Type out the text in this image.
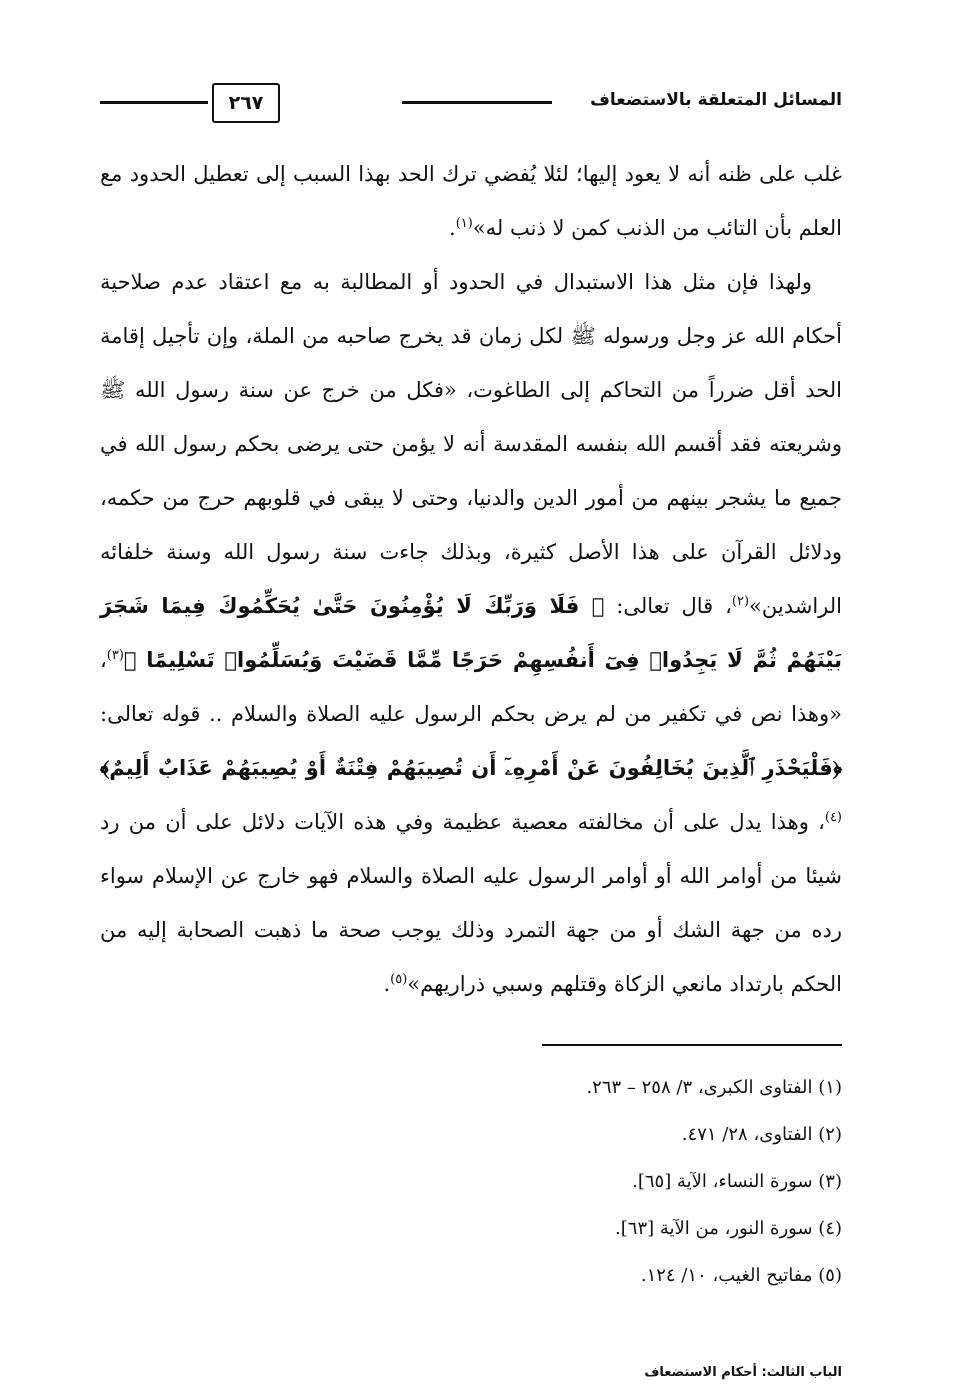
المسائل المتعلقة بالاستضعاف
٢٦٧

غلب على ظنه أنه لا يعود إليها؛ لئلا يُفضي ترك الحد بهذا السبب إلى تعطيل الحدود مع العلم بأن التائب من الذنب كمن لا ذنب له»$^{(١)}$.

ولهذا فإن مثل هذا الاستبدال في الحدود أو المطالبة به مع اعتقاد عدم صلاحية أحكام الله عز وجل ورسوله ﷺ لكل زمان قد يخرج صاحبه من الملة، وإن تأجيل إقامة الحد أقل ضرراً من التحاكم إلى الطاغوت، «فكل من خرج عن سنة رسول الله ﷺ وشريعته فقد أقسم الله بنفسه المقدسة أنه لا يؤمن حتى يرضى بحكم رسول الله في جميع ما يشجر بينهم من أمور الدين والدنيا، وحتى لا يبقى في قلوبهم حرج من حكمه، ودلائل القرآن على هذا الأصل كثيرة، وبذلك جاءت سنة رسول الله وسنة خلفائه الراشدين»$^{(٢)}$، قال تعالى: ﴿ فَلَا وَرَبِّكَ لَا يُؤْمِنُونَ حَتَّىٰ يُحَكِّمُوكَ فِيمَا شَجَرَ بَيْنَهُمْ ثُمَّ لَا يَجِدُوا۟ فِىٓ أَنفُسِهِمْ حَرَجًا مِّمَّا قَضَيْتَ وَيُسَلِّمُوا۟ تَسْلِيمًا ﴾$^{(٣)}$، «وهذا نص في تكفير من لم يرض بحكم الرسول عليه الصلاة والسلام .. قوله تعالى: ﴿فَلْيَحْذَرِ ٱلَّذِينَ يُخَالِفُونَ عَنْ أَمْرِهِۦٓ أَن تُصِيبَهُمْ فِتْنَةٌ أَوْ يُصِيبَهُمْ عَذَابٌ أَلِيمٌ﴾$^{(٤)}$، وهذا يدل على أن مخالفته معصية عظيمة وفي هذه الآيات دلائل على أن من رد شيئا من أوامر الله أو أوامر الرسول عليه الصلاة والسلام فهو خارج عن الإسلام سواء رده من جهة الشك أو من جهة التمرد وذلك يوجب صحة ما ذهبت الصحابة إليه من الحكم بارتداد مانعي الزكاة وقتلهم وسبي ذراريهم»$^{(٥)}$.

(١) الفتاوى الكبرى، ٣/ ٢٥٨ – ٢٦٣.
(٢) الفتاوى، ٢٨/ ٤٧١.
(٣) سورة النساء، الآية [٦٥].
(٤) سورة النور، من الآية [٦٣].
(٥) مفاتيح الغيب، ١٠/ ١٢٤.
الباب الثالث: أحكام الاستضعاف
